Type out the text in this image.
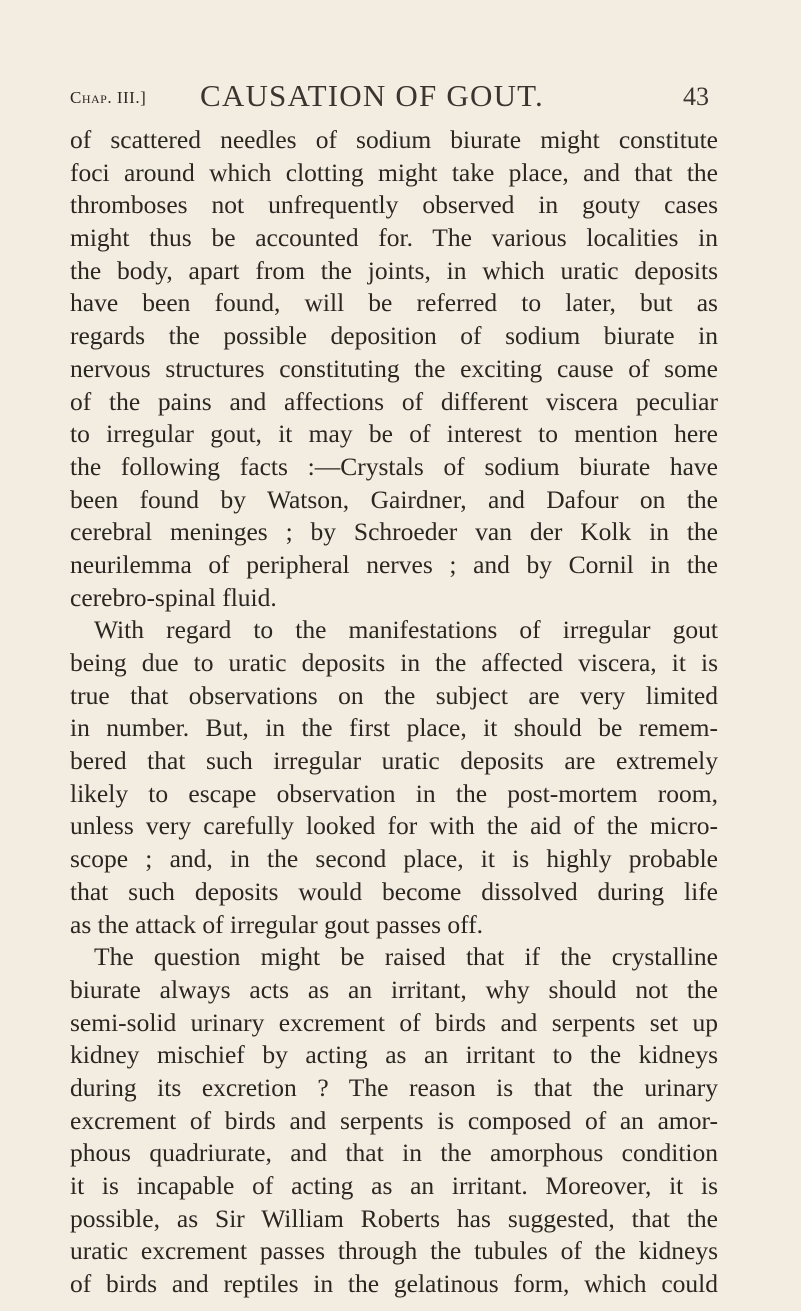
Chap. III.] CAUSATION OF GOUT.	43
of scattered needles of sodium biurate might constitute
foci around which clotting might take place, and that the
thromboses not unfrequently observed in gouty cases
might thus be accounted for. The various localities in
the body, apart from the joints, in which uratic deposits
have been found, will be referred to later, but as
regards the possible deposition of sodium biurate in
nervous structures constituting the exciting cause of some
of the pains and affections of different viscera peculiar
to irregular gout, it may be of interest to mention here
the following facts :—Crystals of sodium biurate have
been found by Watson, Gairdner, and Dafour on the
cerebral meninges ; by Schroeder van der Kolk in the
neurilemma of peripheral nerves ; and by Cornil in the
cerebro-spinal fluid.
With regard to the manifestations of irregular gout
being due to uratic deposits in the affected viscera, it is
true that observations on the subject are very limited
in number. But, in the first place, it should be remem-
bered that such irregular uratic deposits are extremely
likely to escape observation in the post-mortem room,
unless very carefully looked for with the aid of the micro-
scope ; and, in the second place, it is highly probable
that such deposits would become dissolved during life
as the attack of irregular gout passes off.
The question might be raised that if the crystalline
biurate always acts as an irritant, why should not the
semi-solid urinary excrement of birds and serpents set up
kidney mischief by acting as an irritant to the kidneys
during its excretion ? The reason is that the urinary
excrement of birds and serpents is composed of an amor-
phous quadriurate, and that in the amorphous condition
it is incapable of acting as an irritant. Moreover, it is
possible, as Sir William Roberts has suggested, that the
uratic excrement passes through the tubules of the kidneys
of birds and reptiles in the gelatinous form, which could
